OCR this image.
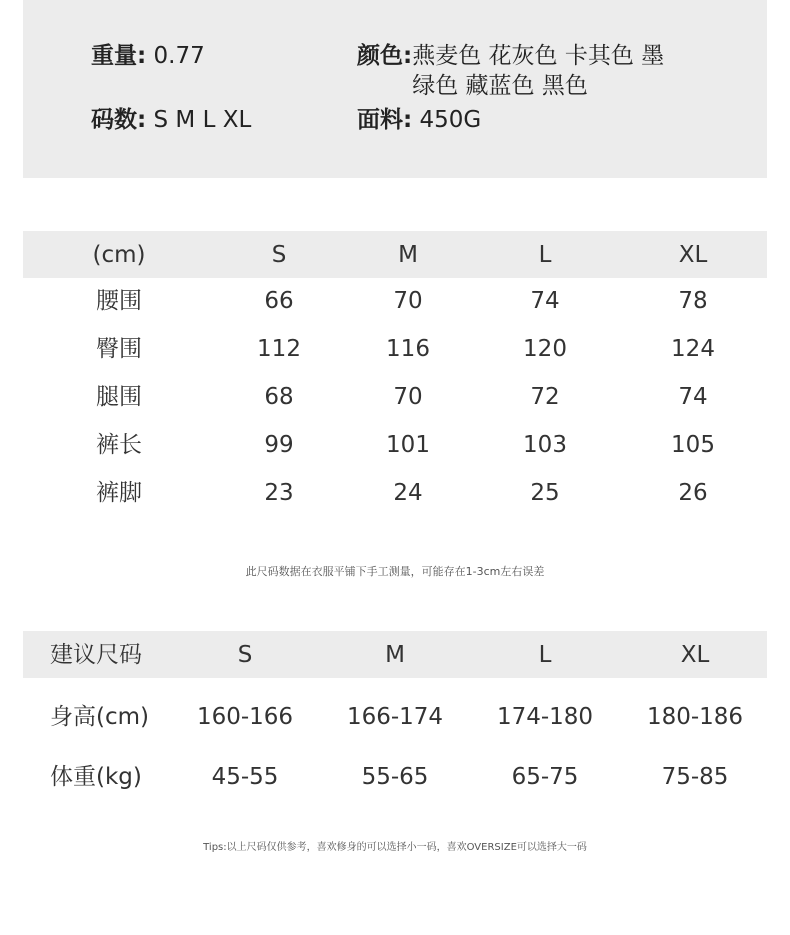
重量: 0.77
码数: S M L XL
颜色: 燕麦色 花灰色 卡其色 墨绿色 藏蓝色 黑色
面料: 450G
(cm)	S	M	L	XL
腰围	66	70	74	78
臀围	112	116	120	124
腿围	68	70	72	74
裤长	99	101	103	105
裤脚	23	24	25	26
此尺码数据在衣服平铺下手工测量，可能存在1-3cm左右误差
建议尺码	S	M	L	XL
身高(cm)	160-166	166-174	174-180	180-186
体重(kg)	45-55	55-65	65-75	75-85
Tips:以上尺码仅供参考，喜欢修身的可以选择小一码，喜欢OVERSIZE可以选择大一码
